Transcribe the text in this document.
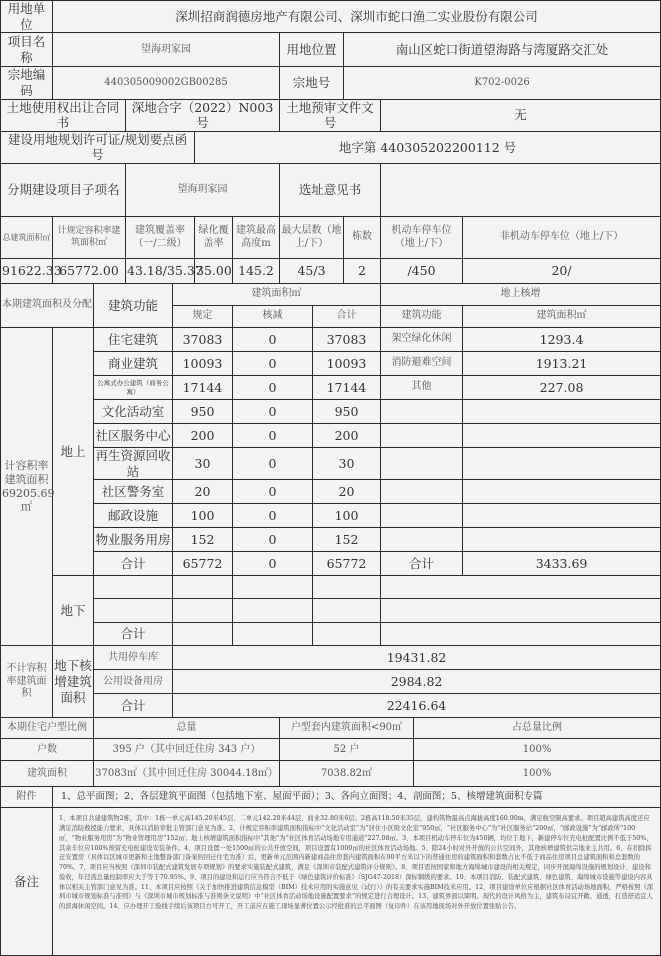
用地单位	深圳招商润德房地产有限公司、深圳市蛇口渔二实业股份有限公司											
项目名称	望海玥家园						用地位置		南山区蛇口街道望海路与湾厦路交汇处			
宗地编码	440305009002GB00285						宗地号		K702-0026			
土地使用权出让合同书			深地合字（2022）N003 号				土地预审文件文号			无		
建设用地规划许可证/规划要点函号					地字第 440305202200112 号							
分期建设项目子项名			望海玥家园				选址意见书					
总建筑面积㎡	计规定容积率建筑面积㎡		建筑覆盖率（一/二级）		绿化覆盖率	建筑最高高度m	最大层数（地上/下）		栋数	机动车停车位（地上/下）		非机动车停车位（地上/下）
91622.33	65772.00		43.18/35.37		35.00	145.2	45/3		2	/450		20/
本期建筑面积及分配		建筑功能		建筑面积㎡						地上核增		
				规定		核减		合计		建筑功能		建筑面积㎡
计容积率建筑面积 69205.69㎡	地上	住宅建筑		37083		0		37083		架空绿化休闲		1293.4
		商业建筑		10093		0		10093		消防避难空间		1913.21
		公寓式办公建筑（商务公寓）		17144		0		17144		其他		227.08
		文化活动室		950		0		950				
		社区服务中心		200		0		200				
		再生资源回收站		30		0		30				
		社区警务室		20		0		20				
		邮政设施		100		0		100				
		物业服务用房		152		0		152				
		合计		65772		0		65772		合计		3433.69
	地下											

		合计										
不计容积率建筑面积	地下核增建筑面积	共用停车库		19431.82								
		公用设备用房		2984.82								
		合计		22416.64								
本期住宅户型比例		总量					户型套内建筑面积<90㎡				占总量比例	
户数		395 户（其中回迁住房 343 户）					52 户				100%	
建筑面积		37083㎡（其中回迁住房 30044.18㎡）					7038.82㎡				100%	
附件	1、总平面图；2、各层建筑平面图（包括地下室、屋面平面）；3、各向立面图；4、剖面图；5、核增建筑面积专篇											
备注	1、本项目共建建筑物2栋，其中：1栋一单元高145.20米45层、二单元142.20米44层、商业32.80米6层；2栋高118.50米35层，建构筑物最高点海拔高度160.90m，满足航空限高要求。项目超高建筑高度还应满足消防救援能力要求，具体以消防审批主管部门意见为准。2、计规定容积率建筑面积指标中“文化活动室”为“居住小区级文化室”950㎡，“社区服务中心”为“社区服务站”200㎡，“邮政设施”为“邮政所”100㎡，“物业服务用房”为“物业管理用房”152㎡；地上核增建筑面积指标中“其他”为“社区体育活动场地专用通道”227.08㎡。3、本项目机动车停车位为450辆，均位于地下，新建停车位充电桩配置比例不低于50%，其余车位应100%预留充电桩建设安装条件。4、项目设置一处1500㎡的公共开放空间，项目设置有1000㎡的社区体育活动场地。5、除24小时对外开放的公共空间外，其他核增建筑供宗地业主共用。6、在扣除拆迁安置房（具体以区城市更新和土地整备部门备案的回迁住宅为准）后，更新单元范围内新建商品住房套内建筑面积在90平方米以下的普通住房的建筑面积和套数占比不低于商品住房项目总建筑面积和总套数的70%。7、项目应当按照《深圳市装配式建筑发展专项规划》的要求实施装配式建筑，满足《深圳市装配式建筑评分规则》。8、项目需按国家和地方海绵城市建设的相关规定，同步开展海绵设施的规划设计、建设和验收，年径流总量控制率应大于等于70.95%。9、项目的建设和运行应当符合不低于《绿色建筑评价标准》（SJG47-2018）深标铜级的要求。10、本项目消防、装配式建筑、绿色建筑、海绵城市设施等建设内容具体以相关主管部门意见为准。11、本项目应按照《关于加快推进建筑信息模型（BIM）技术应用的实施意见（试行）》的有关要求实施BIM技术应用。12、项目建设单位应根据社区体育活动场地面积，严格按照《深圳市城市规划标准与准则》与《深圳市城市规划标准与准则条文说明》中“社区体育活动场地设施配置要求”的规定进行合理设计。13、建筑界面以简明、现代的设计风格为主，建筑布局宜开敞、通透，打造舒适宜人的滨海休闲空间。14、应办理开工验线手续后该项目方可开工，开工前应在施工现场显著位置公示经批准的总平面图（复印件）在该用地现场对外开放位置张贴公告。											
